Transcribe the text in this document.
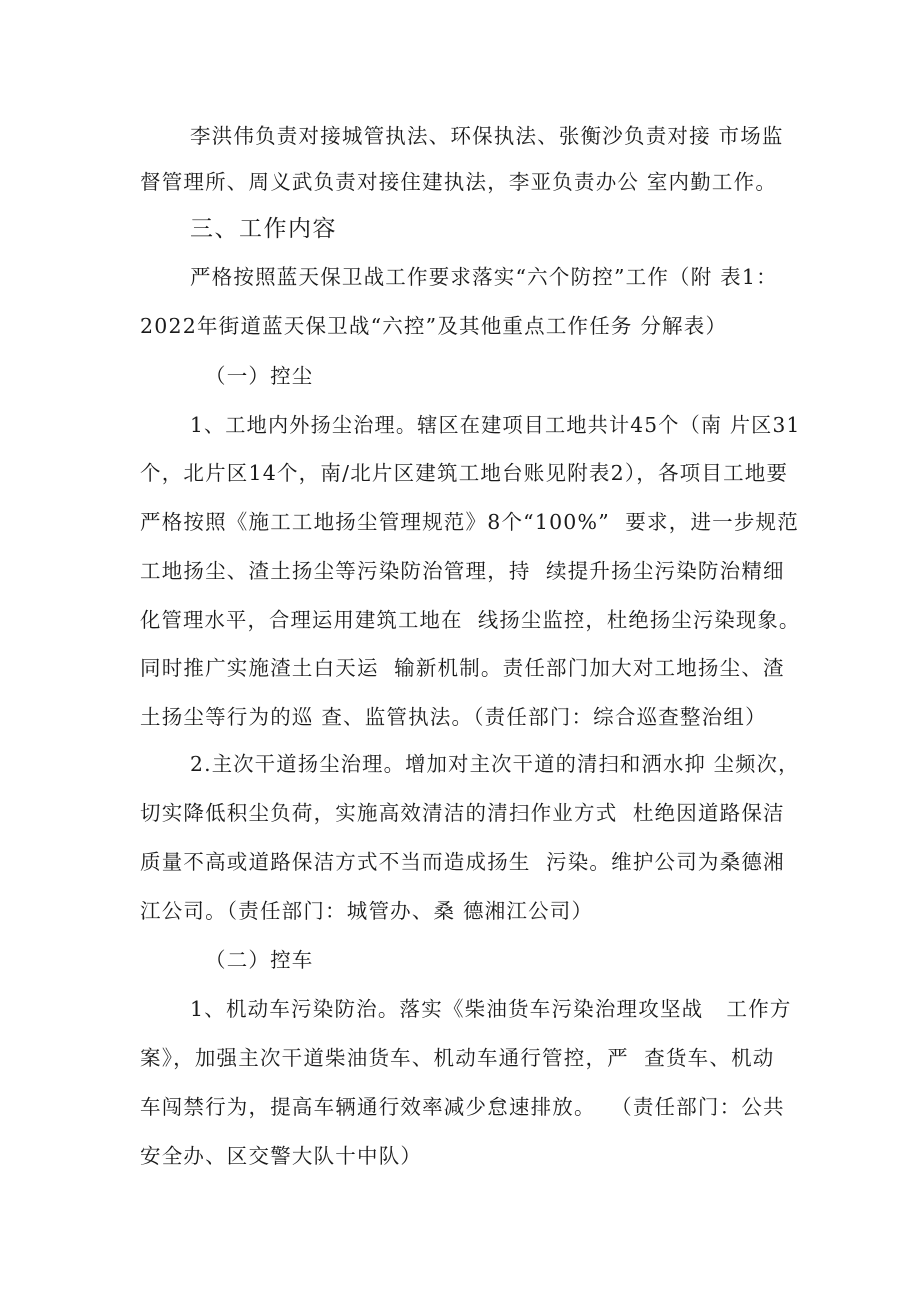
李洪伟负责对接城管执法、环保执法、张衡沙负责对接 市场监
督管理所、周义武负责对接住建执法，李亚负责办公 室内勤工作。
三、工作内容
严格按照蓝天保卫战工作要求落实“六个防控”工作（附 表1：
2022年街道蓝天保卫战“六控”及其他重点工作任务 分解表）
（一）控尘
1、工地内外扬尘治理。辖区在建项目工地共计45个（南 片区31
个，北片区14个，南/北片区建筑工地台账见附表2），各项目工地要
严格按照《施工工地扬尘管理规范》8个“100%”  要求，进一步规范
工地扬尘、渣土扬尘等污染防治管理，持  续提升扬尘污染防治精细
化管理水平，合理运用建筑工地在  线扬尘监控，杜绝扬尘污染现象。
同时推广实施渣土白天运  输新机制。责任部门加大对工地扬尘、渣
土扬尘等行为的巡 查、监管执法。（责任部门：综合巡查整治组）
2.主次干道扬尘治理。增加对主次干道的清扫和洒水抑 尘频次，
切实降低积尘负荷，实施高效清洁的清扫作业方式  杜绝因道路保洁
质量不高或道路保洁方式不当而造成扬生  污染。维护公司为桑德湘
江公司。（责任部门：城管办、桑 德湘江公司）
（二）控车
1、机动车污染防治。落实《柴油货车污染治理攻坚战   工作方
案》，加强主次干道柴油货车、机动车通行管控，严  查货车、机动
车闯禁行为，提高车辆通行效率减少怠速排放。  （责任部门：公共
安全办、区交警大队十中队）
